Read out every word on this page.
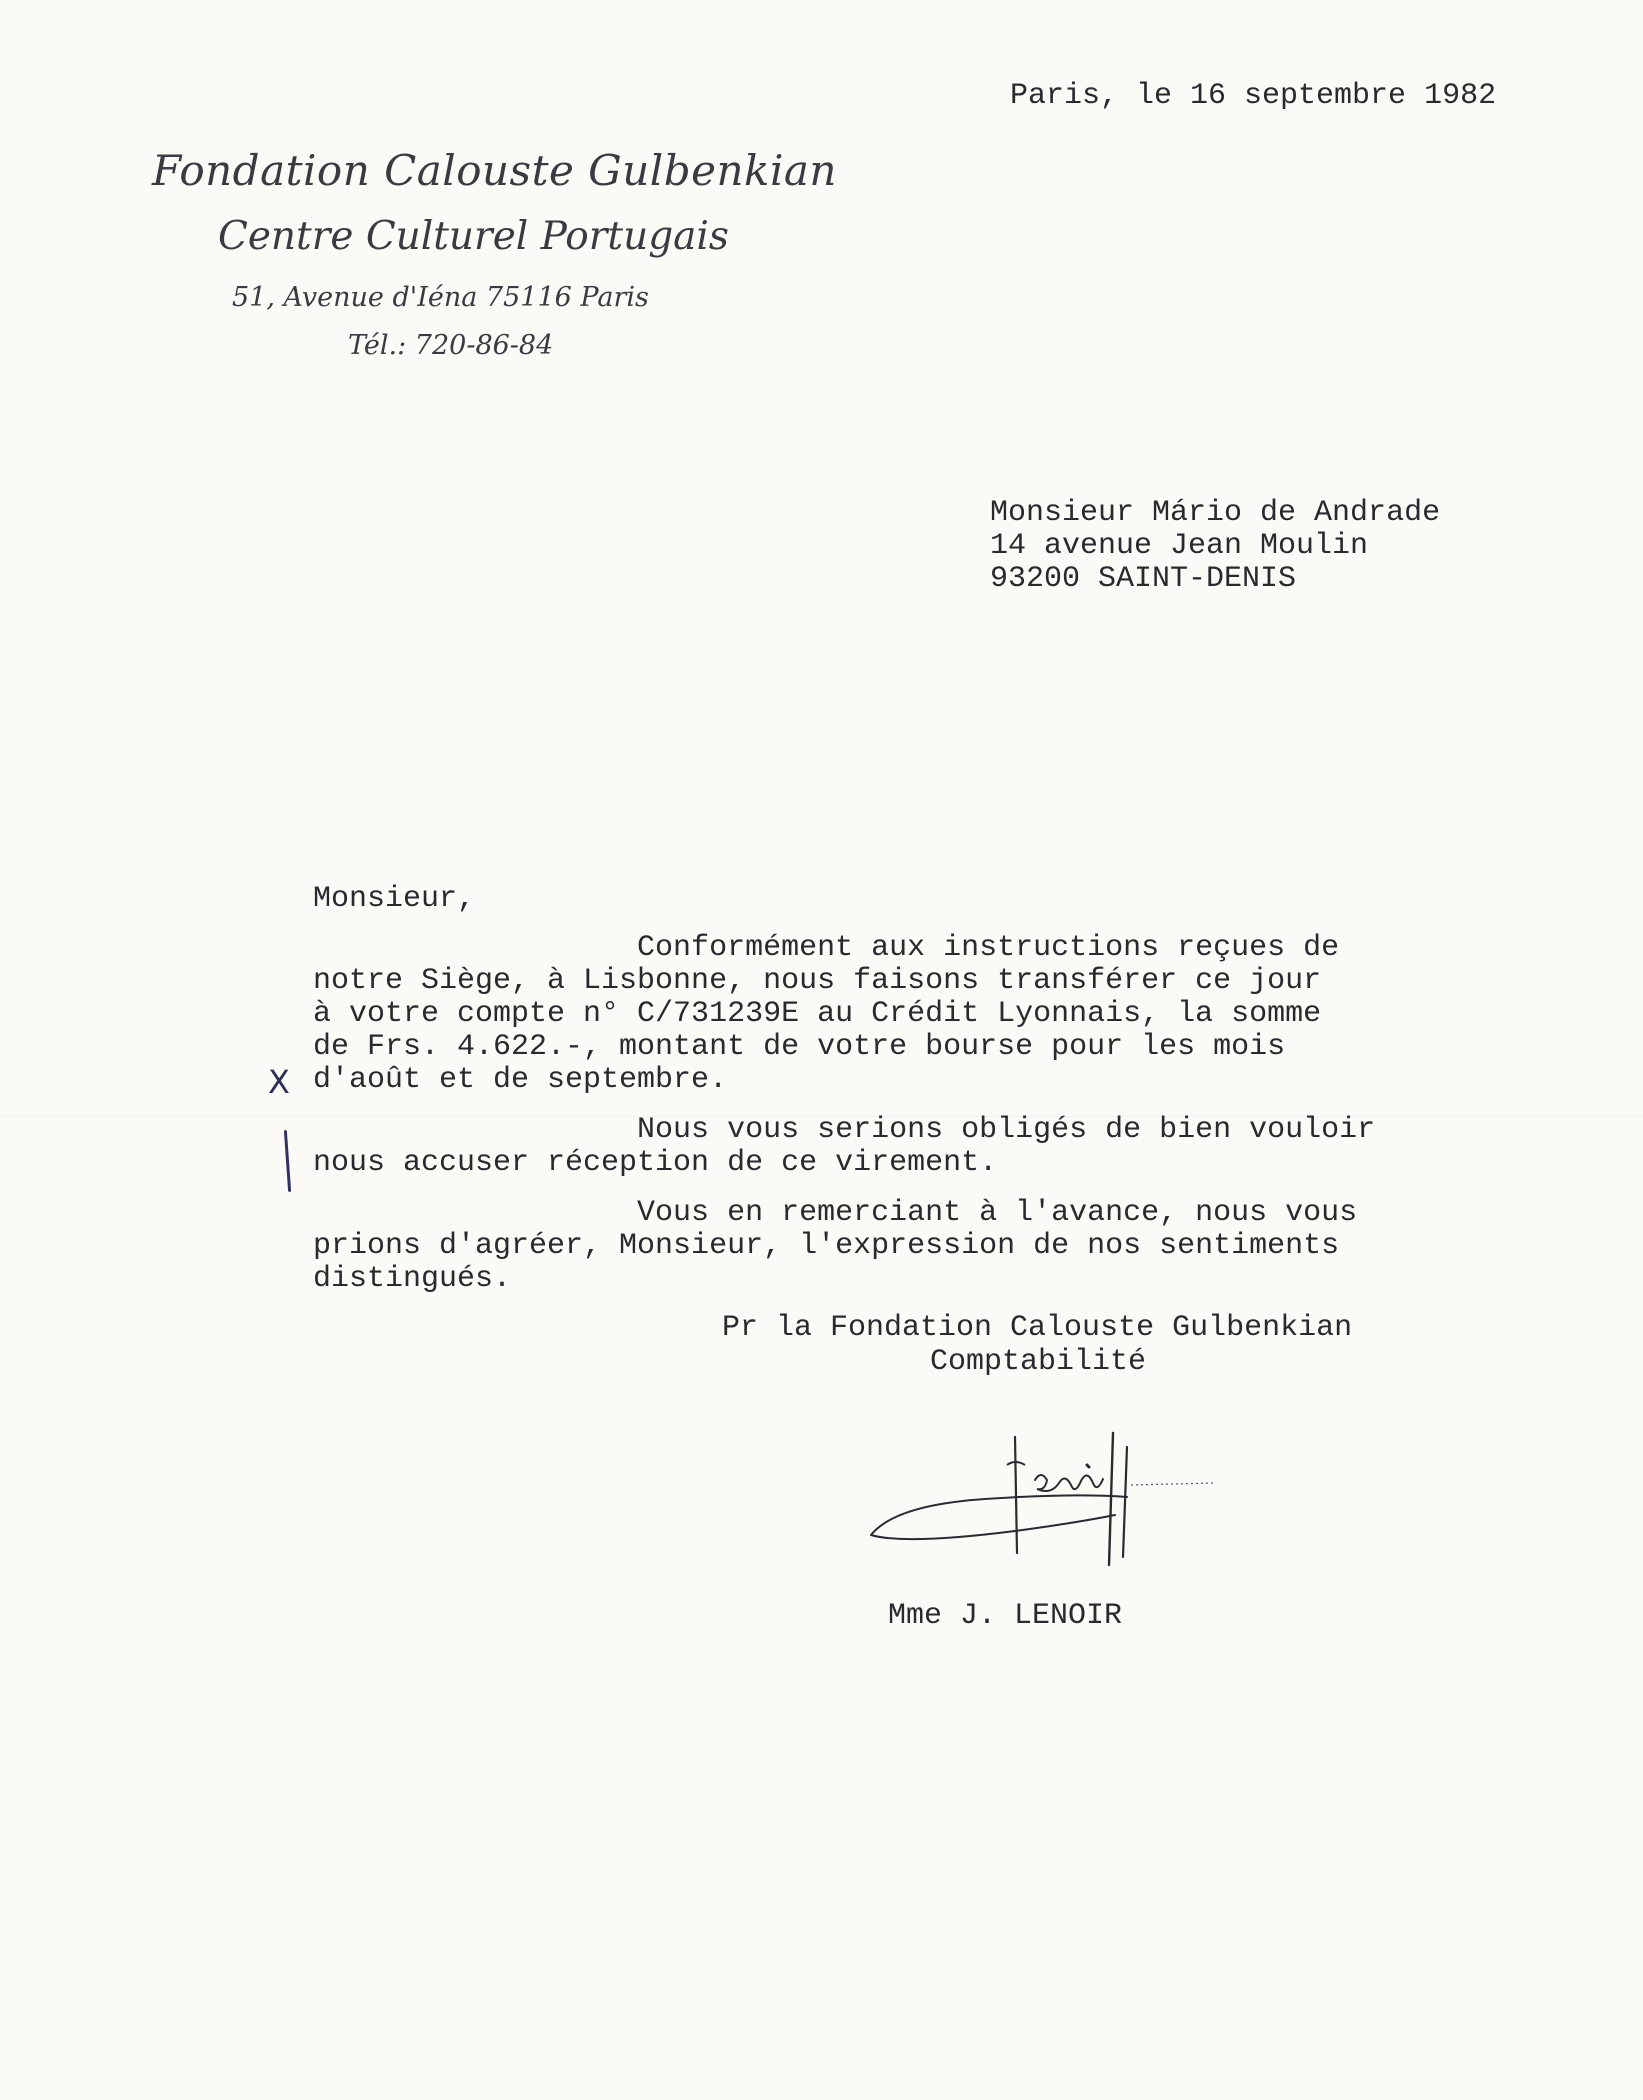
Fondation Calouste Gulbenkian
Centre Culturel Portugais
51, Avenue d'Iéna 75116 Paris
Tél.: 720-86-84
Paris, le 16 septembre 1982
Monsieur Mário de Andrade
14 avenue Jean Moulin
93200 SAINT-DENIS
Monsieur,
Conformément aux instructions reçues de
notre Siège, à Lisbonne, nous faisons transférer ce jour
à votre compte n° C/731239E au Crédit Lyonnais, la somme
de Frs. 4.622.-, montant de votre bourse pour les mois
d'août et de septembre.
Nous vous serions obligés de bien vouloir
nous accuser réception de ce virement.
Vous en remerciant à l'avance, nous vous
prions d'agréer, Monsieur, l'expression de nos sentiments
distingués.
X
Pr la Fondation Calouste Gulbenkian
Comptabilité
Mme J. LENOIR
